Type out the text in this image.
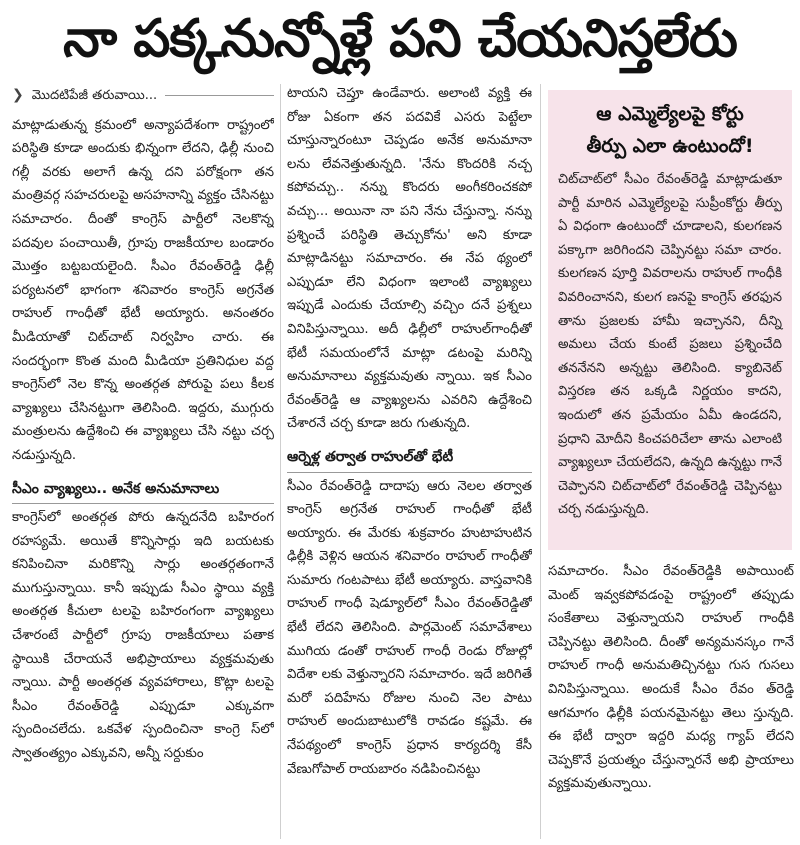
నా పక్కనున్నోళ్లే పని చేయనిస్తలేరు
❯ మొదటిపేజీ తరువాయి...

మాట్లాడుతున్న క్రమంలో అన్యాపదేశంగా రాష్ట్రంలో పరిస్థితి కూడా అందుకు భిన్నంగా లేదని, ఢిల్లీ నుంచి గల్లీ వరకు అలాగే ఉన్న దని పరోక్షంగా తన మంత్రివర్గ సహచరులపై అసహనాన్ని వ్యక్తం చేసినట్టు సమాచారం. దీంతో కాంగ్రెస్ పార్టీలో నెలకొన్న పదవుల పంచాయితీ, గ్రూపు రాజకీయాల బండారం మొత్తం బట్టబయలైంది. సీఎం రేవంత్‌రెడ్డి ఢిల్లీ పర్యటనలో భాగంగా శనివారం కాంగ్రెస్ అగ్రనేత రాహుల్ గాంధీతో భేటీ అయ్యారు. అనంతరం మీడియాతో చిట్‌చాట్ నిర్వహిం చారు. ఈ సందర్భంగా కొంత మంది మీడియా ప్రతినిధుల వద్ద కాంగ్రెస్‌లో నెల కొన్న అంతర్గత పోరుపై పలు కీలక వ్యాఖ్యలు చేసినట్టుగా తెలిసింది. ఇద్దరు, ముగ్గురు మంత్రులను ఉద్దేశించి ఈ వ్యాఖ్యలు చేసి నట్టు చర్చ నడుస్తున్నది.

సీఎం వ్యాఖ్యలు.. అనేక అనుమానాలు

కాంగ్రెస్‌లో అంతర్గత పోరు ఉన్నదనేది బహిరంగ రహస్యమే. అయితే కొన్నిసార్లు ఇది బయటకు కనిపించినా మరికొన్ని సార్లు అంతర్గతంగానే ముగుస్తున్నాయి. కానీ ఇప్పుడు సీఎం స్థాయి వ్యక్తి అంతర్గత కీచులా టలపై బహిరంగంగా వ్యాఖ్యలు చేశారంటే పార్టీలో గ్రూపు రాజకీయాలు పతాక స్థాయికి చేరాయనే అభిప్రాయాలు వ్యక్తమవుతు న్నాయి. పార్టీ అంతర్గత వ్యవహారాలు, కొట్లా టలపై సీఎం రేవంత్‌రెడ్డి ఎప్పుడూ ఎక్కువగా స్పందించలేదు. ఒకవేళ స్పందించినా కాంగ్రె స్‌లో స్వాతంత్య్రం ఎక్కువని, అన్నీ సర్దుకుం

టాయని చెప్తూ ఉండేవారు. అలాంటి వ్యక్తి ఈ రోజు ఏకంగా తన పదవికే ఎసరు పెట్టేలా చూస్తున్నారంటూ చెప్పడం అనేక అనుమానా లను లేవనెత్తుతున్నది. 'నేను కొందరికి నచ్చ కపోవచ్చు.. నన్ను కొందరు అంగీకరించకపో వచ్చు... అయినా నా పని నేను చేస్తున్నా. నన్ను ప్రశ్నించే పరిస్థితి తెచ్చుకోను' అని కూడా మాట్లాడినట్టు సమాచారం. ఈ నేప థ్యంలో ఎప్పుడూ లేని విధంగా ఇలాంటి వ్యాఖ్యలు ఇప్పుడే ఎందుకు చేయాల్సి వచ్చిం దనే ప్రశ్నలు వినిపిస్తున్నాయి. అదీ ఢిల్లీలో రాహుల్‌గాంధీతో భేటీ సమయంలోనే మాట్లా డటంపై మరిన్ని అనుమానాలు వ్యక్తమవుతు న్నాయి. ఇక సీఎం రేవంత్‌రెడ్డి ఆ వ్యాఖ్యలను ఎవరిని ఉద్దేశించి చేశారనే చర్చ కూడా జరు గుతున్నది.

ఆర్నెళ్ల తర్వాత రాహుల్‌తో భేటీ

సీఎం రేవంత్‌రెడ్డి దాదాపు ఆరు నెలల తర్వాత కాంగ్రెస్ అగ్రనేత రాహుల్ గాంధీతో భేటీ అయ్యారు. ఈ మేరకు శుక్రవారం హుటాహుటిన ఢిల్లీకి వెళ్లిన ఆయన శనివారం రాహుల్ గాంధీతో సుమారు గంటపాటు భేటీ అయ్యారు. వాస్తవానికి రాహుల్ గాంధీ షెడ్యూల్‌లో సీఎం రేవంత్‌రెడ్డితో భేటీ లేదని తెలిసింది. పార్లమెంట్ సమావేశాలు ముగియ డంతో రాహుల్ గాంధీ రెండు రోజుల్లో విదేశా లకు వెళ్తున్నారని సమాచారం. ఇదే జరిగితే మరో పదిహేను రోజుల నుంచి నెల పాటు రాహుల్ అందుబాటులోకి రావడం కష్టమే. ఈ నేపథ్యంలో కాంగ్రెస్ ప్రధాన కార్యదర్శి కేసీ వేణుగోపాల్ రాయబారం నడిపించినట్టు

ఆ ఎమ్మెల్యేలపై కోర్టు
తీర్పు ఎలా ఉంటుందో!
చిట్‌చాట్‌లో సీఎం రేవంత్‌రెడ్డి మాట్లాడుతూ పార్టీ మారిన ఎమ్మెల్యేలపై సుప్రీంకోర్టు తీర్పు ఏ విధంగా ఉంటుందో చూడాలని, కులగణన పక్కాగా జరిగిందని చెప్పినట్టు సమా చారం. కులగణన పూర్తి వివరాలను రాహుల్ గాంధీకి వివరించానని, కులగ ణనపై కాంగ్రెస్ తరఫున తాను ప్రజలకు హామీ ఇచ్చానని, దీన్ని అమలు చేయ కుంటే ప్రజలు ప్రశ్నించేది తననేనని అన్నట్టు తెలిసింది. క్యాబినెట్ విస్తరణ తన ఒక్కడి నిర్ణయం కాదని, ఇందులో తన ప్రమేయం ఏమీ ఉండదని, ప్రధాని మోదీని కించపరిచేలా తాను ఎలాంటి వ్యాఖ్యలూ చేయలేదని, ఉన్నది ఉన్నట్టు గానే చెప్పానని చిట్‌చాట్‌లో రేవంత్‌రెడ్డి చెప్పినట్టు చర్చ నడుస్తున్నది.

సమాచారం. సీఎం రేవంత్‌రెడ్డికి అపాయింట్ మెంట్ ఇవ్వకపోవడంపై రాష్ట్రంలో తప్పుడు సంకేతాలు వెళ్తున్నాయని రాహుల్ గాంధీకి చెప్పినట్టు తెలిసింది. దీంతో అన్యమనస్కం గానే రాహుల్ గాంధీ అనుమతిచ్చినట్టు గుస గుసలు వినిపిస్తున్నాయి. అందుకే సీఎం రేవం త్‌రెడ్డి ఆగమాగం ఢిల్లీకి పయనమైనట్టు తెలు స్తున్నది. ఈ భేటీ ద్వారా ఇద్దరి మధ్య గ్యాప్ లేదని చెప్పకొనే ప్రయత్నం చేస్తున్నారనే అభి ప్రాయాలు వ్యక్తమవుతున్నాయి.
